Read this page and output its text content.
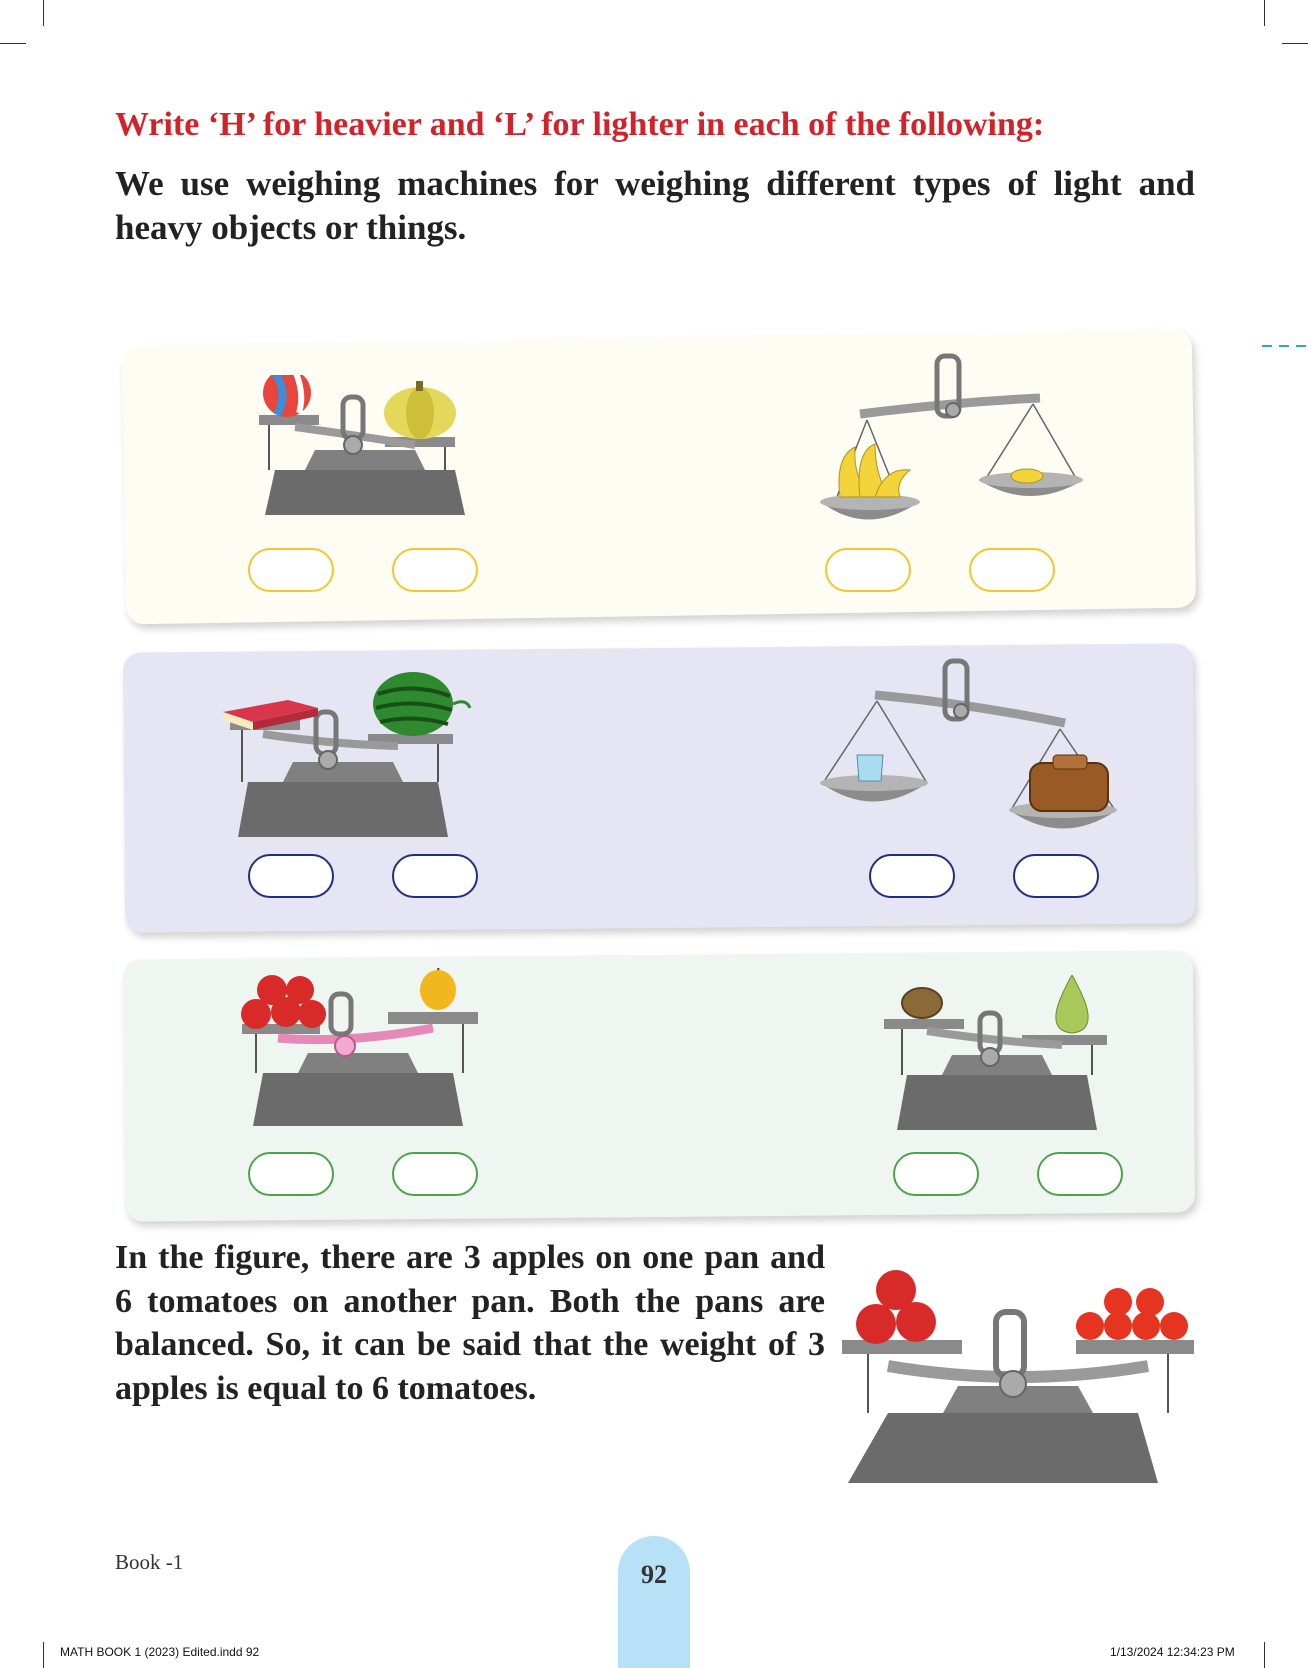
Write ‘H’ for heavier and ‘L’ for lighter in each of the following:
We use weighing machines for weighing different types of light and heavy objects or things.
In the figure, there are 3 apples on one pan and 6 tomatoes on another pan. Both the pans are balanced. So, it can be said that the weight of 3 apples is equal to 6 tomatoes.
Book -1	92
MATH BOOK 1 (2023) Edited.indd 92	1/13/2024 12:34:23 PM
